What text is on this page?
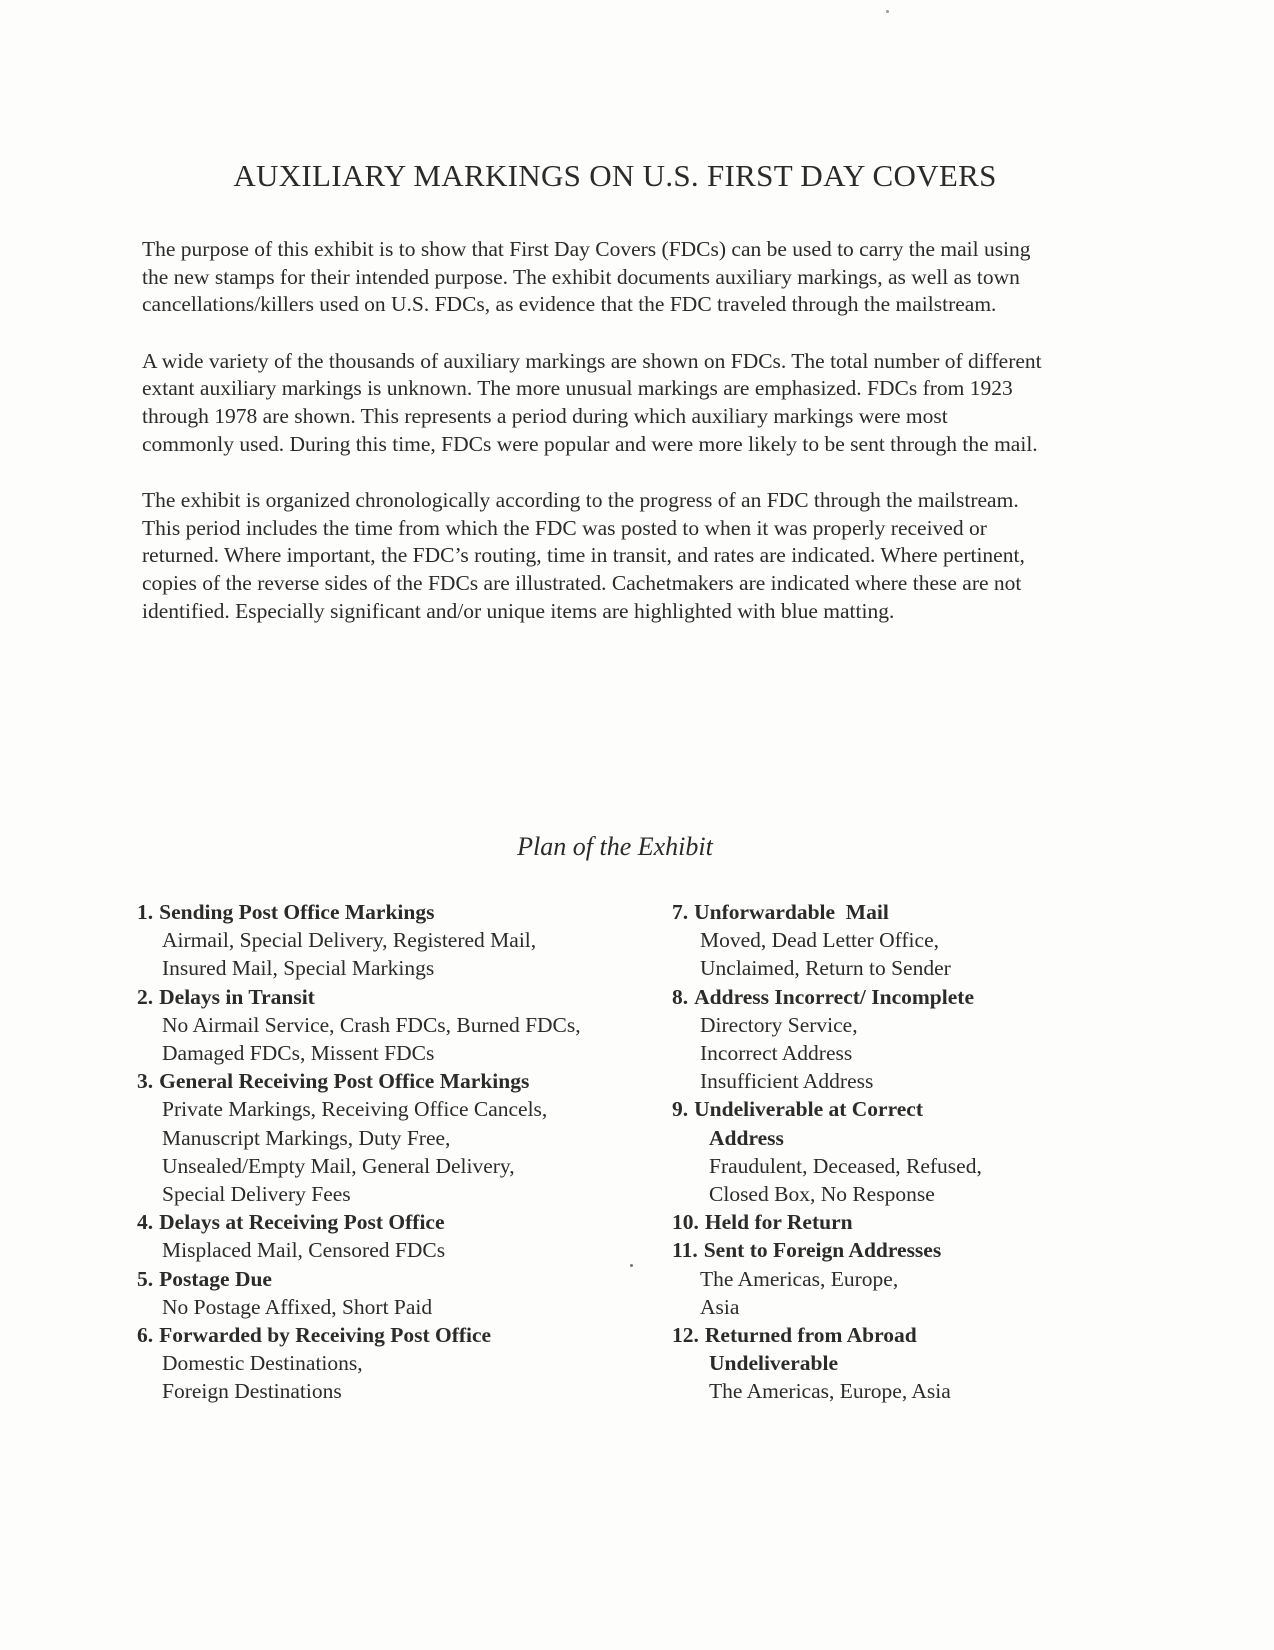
AUXILIARY MARKINGS ON U.S. FIRST DAY COVERS

The purpose of this exhibit is to show that First Day Covers (FDCs) can be used to carry the mail using the new stamps for their intended purpose. The exhibit documents auxiliary markings, as well as town cancellations/killers used on U.S. FDCs, as evidence that the FDC traveled through the mailstream.

A wide variety of the thousands of auxiliary markings are shown on FDCs. The total number of different extant auxiliary markings is unknown. The more unusual markings are emphasized. FDCs from 1923 through 1978 are shown. This represents a period during which auxiliary markings were most commonly used. During this time, FDCs were popular and were more likely to be sent through the mail.

The exhibit is organized chronologically according to the progress of an FDC through the mailstream. This period includes the time from which the FDC was posted to when it was properly received or returned. Where important, the FDC’s routing, time in transit, and rates are indicated. Where pertinent, copies of the reverse sides of the FDCs are illustrated. Cachetmakers are indicated where these are not identified. Especially significant and/or unique items are highlighted with blue matting.

Plan of the Exhibit
1. Sending Post Office Markings
Airmail, Special Delivery, Registered Mail,
Insured Mail, Special Markings
2. Delays in Transit
No Airmail Service, Crash FDCs, Burned FDCs,
Damaged FDCs, Missent FDCs
3. General Receiving Post Office Markings
Private Markings, Receiving Office Cancels,
Manuscript Markings, Duty Free,
Unsealed/Empty Mail, General Delivery,
Special Delivery Fees
4. Delays at Receiving Post Office
Misplaced Mail, Censored FDCs
5. Postage Due
No Postage Affixed, Short Paid
6. Forwarded by Receiving Post Office
Domestic Destinations,
Foreign Destinations
7. Unforwardable  Mail
Moved, Dead Letter Office,
Unclaimed, Return to Sender
8. Address Incorrect/ Incomplete
Directory Service,
Incorrect Address
Insufficient Address
9. Undeliverable at Correct
Address
Fraudulent, Deceased, Refused,
Closed Box, No Response
10. Held for Return
11. Sent to Foreign Addresses
The Americas, Europe,
Asia
12. Returned from Abroad
Undeliverable
The Americas, Europe, Asia
